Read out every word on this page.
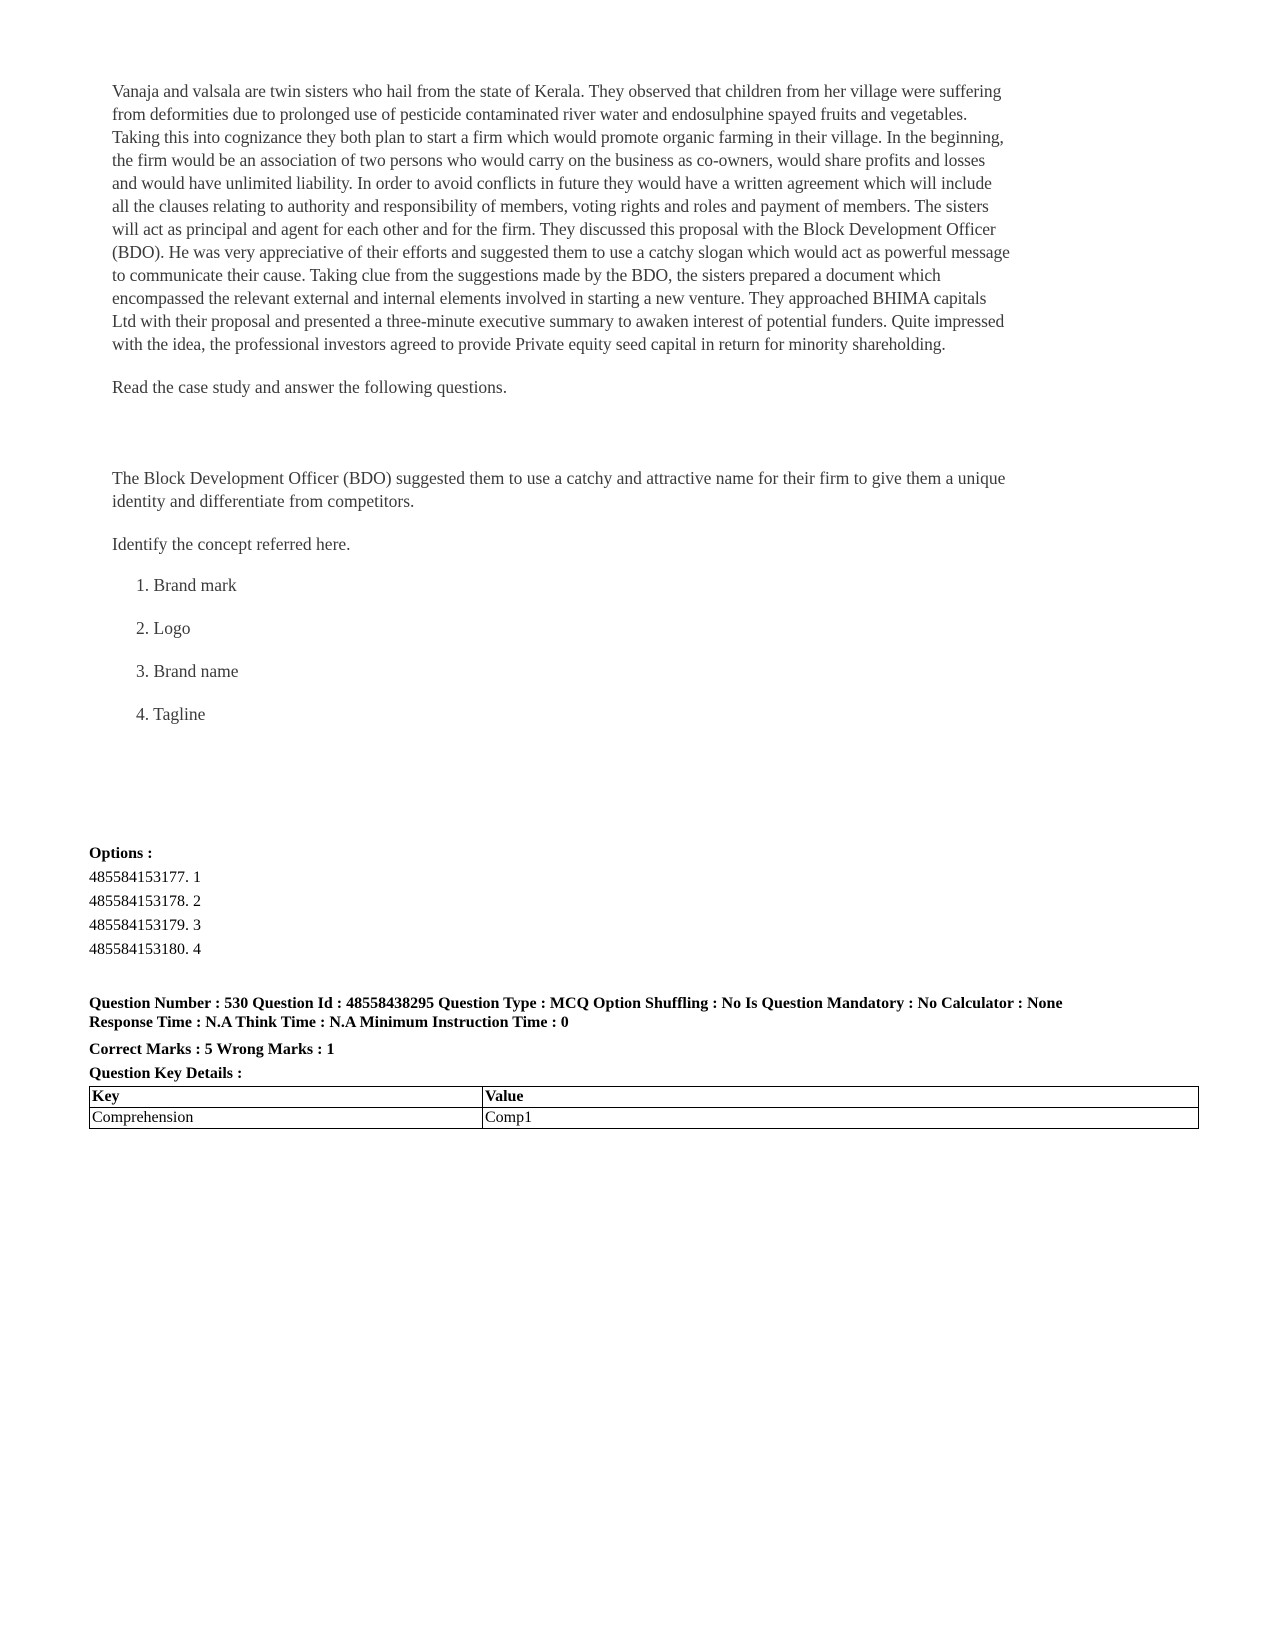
Vanaja and valsala are twin sisters who hail from the state of Kerala. They observed that children from her village were suffering from deformities due to prolonged use of pesticide contaminated river water and endosulphine spayed fruits and vegetables. Taking this into cognizance they both plan to start a firm which would promote organic farming in their village. In the beginning, the firm would be an association of two persons who would carry on the business as co-owners, would share profits and losses and would have unlimited liability. In order to avoid conflicts in future they would have a written agreement which will include all the clauses relating to authority and responsibility of members, voting rights and roles and payment of members. The sisters will act as principal and agent for each other and for the firm. They discussed this proposal with the Block Development Officer (BDO). He was very appreciative of their efforts and suggested them to use a catchy slogan which would act as powerful message to communicate their cause. Taking clue from the suggestions made by the BDO, the sisters prepared a document which encompassed the relevant external and internal elements involved in starting a new venture. They approached BHIMA capitals Ltd with their proposal and presented a three-minute executive summary to awaken interest of potential funders. Quite impressed with the idea, the professional investors agreed to provide Private equity seed capital in return for minority shareholding.

Read the case study and answer the following questions.

The Block Development Officer (BDO) suggested them to use a catchy and attractive name for their firm to give them a unique identity and differentiate from competitors.

Identify the concept referred here.

1. Brand mark
2. Logo
3. Brand name
4. Tagline
Options :
485584153177. 1
485584153178. 2
485584153179. 3
485584153180. 4
Question Number : 530 Question Id : 48558438295 Question Type : MCQ Option Shuffling : No Is Question Mandatory : No Calculator : None
Response Time : N.A Think Time : N.A Minimum Instruction Time : 0
Correct Marks : 5 Wrong Marks : 1
Question Key Details :
Key	Value
Comprehension	Comp1
